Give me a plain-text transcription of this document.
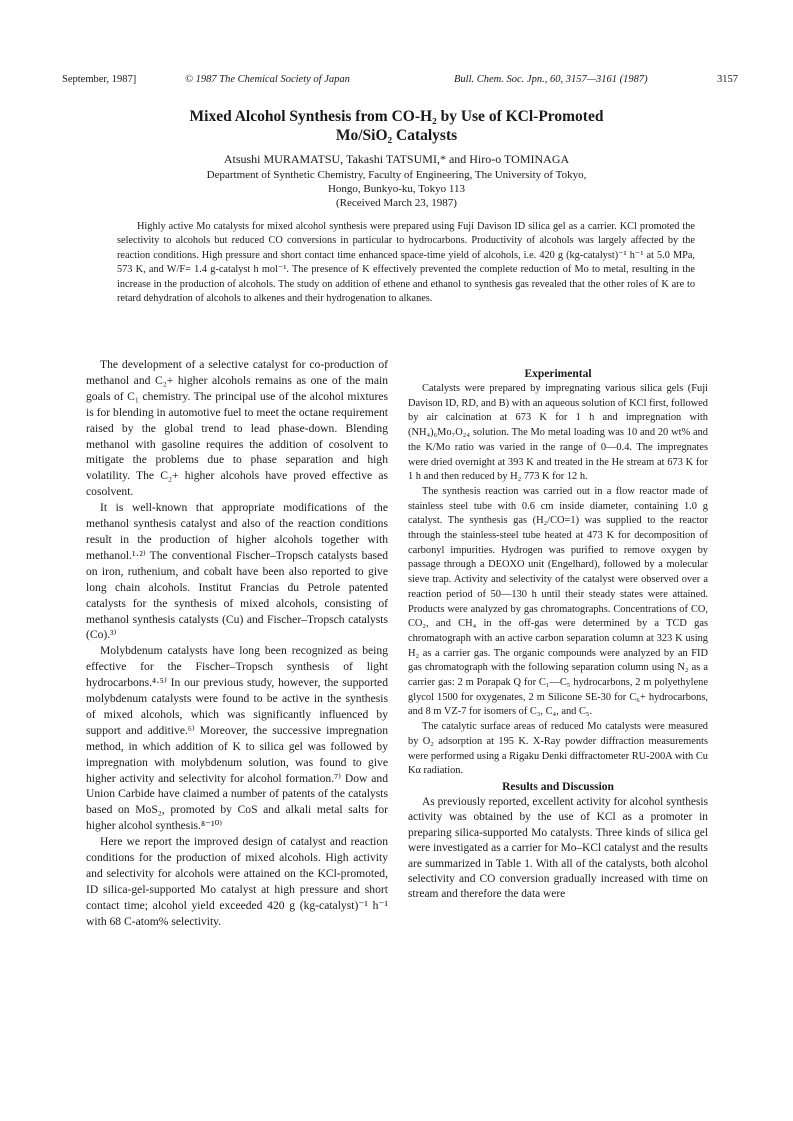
September, 1987]	© 1987 The Chemical Society of Japan	Bull. Chem. Soc. Jpn., 60, 3157—3161 (1987)	3157
Mixed Alcohol Synthesis from CO-H₂ by Use of KCl-Promoted
Mo/SiO₂ Catalysts
Atsushi MURAMATSU, Takashi TATSUMI,* and Hiro-o TOMINAGA
Department of Synthetic Chemistry, Faculty of Engineering, The University of Tokyo,
Hongo, Bunkyo-ku, Tokyo 113
(Received March 23, 1987)

Highly active Mo catalysts for mixed alcohol synthesis were prepared using Fuji Davison ID silica gel as a carrier. KCl promoted the selectivity to alcohols but reduced CO conversions in particular to hydrocarbons. Productivity of alcohols was largely affected by the reaction conditions. High pressure and short contact time enhanced space-time yield of alcohols, i.e. 420 g (kg-catalyst)⁻¹ h⁻¹ at 5.0 MPa, 573 K, and W/F= 1.4 g-catalyst h mol⁻¹. The presence of K effectively prevented the complete reduction of Mo to metal, resulting in the increase in the production of alcohols. The study on addition of ethene and ethanol to synthesis gas revealed that the other roles of K are to retard dehydration of alcohols to alkenes and their hydrogenation to alkanes.

The development of a selective catalyst for co-production of methanol and C₂+ higher alcohols remains as one of the main goals of C₁ chemistry. The principal use of the alcohol mixtures is for blending in automotive fuel to meet the octane requirement raised by the global trend to lead phase-down. Blending methanol with gasoline requires the addition of cosolvent to mitigate the problems due to phase separation and high volatility. The C₂+ higher alcohols have proved effective as cosolvent.

It is well-known that appropriate modifications of the methanol synthesis catalyst and also of the reaction conditions result in the production of higher alcohols together with methanol.¹·²⁾ The conventional Fischer–Tropsch catalysts based on iron, ruthenium, and cobalt have been also reported to give long chain alcohols. Institut Francias du Petrole patented catalysts for the synthesis of mixed alcohols, consisting of methanol synthesis catalysts (Cu) and Fischer–Tropsch catalysts (Co).³⁾

Molybdenum catalysts have long been recognized as being effective for the Fischer–Tropsch synthesis of light hydrocarbons.⁴·⁵⁾ In our previous study, however, the supported molybdenum catalysts were found to be active in the synthesis of mixed alcohols, which was significantly influenced by support and additive.⁶⁾ Moreover, the successive impregnation method, in which addition of K to silica gel was followed by impregnation with molybdenum solution, was found to give higher activity and selectivity for alcohol formation.⁷⁾ Dow and Union Carbide have claimed a number of patents of the catalysts based on MoS₂, promoted by CoS and alkali metal salts for higher alcohol synthesis.⁸⁻¹⁰⁾

Here we report the improved design of catalyst and reaction conditions for the production of mixed alcohols. High activity and selectivity for alcohols were attained on the KCl-promoted, ID silica-gel-supported Mo catalyst at high pressure and short contact time; alcohol yield exceeded 420 g (kg-catalyst)⁻¹ h⁻¹ with 68 C-atom% selectivity.

Experimental

Catalysts were prepared by impregnating various silica gels (Fuji Davison ID, RD, and B) with an aqueous solution of KCl first, followed by air calcination at 673 K for 1 h and impregnation with (NH₄)₆Mo₇O₂₄ solution. The Mo metal loading was 10 and 20 wt% and the K/Mo ratio was varied in the range of 0—0.4. The impregnates were dried overnight at 393 K and treated in the He stream at 673 K for 1 h and then reduced by H₂ 773 K for 12 h.

The synthesis reaction was carried out in a flow reactor made of stainless steel tube with 0.6 cm inside diameter, containing 1.0 g catalyst. The synthesis gas (H₂/CO=1) was supplied to the reactor through the stainless-steel tube heated at 473 K for decomposition of carbonyl impurities. Hydrogen was purified to remove oxygen by passage through a DEOXO unit (Engelhard), followed by a molecular sieve trap. Activity and selectivity of the catalyst were observed over a reaction period of 50—130 h until their steady states were attained. Products were analyzed by gas chromatographs. Concentrations of CO, CO₂, and CH₄ in the off-gas were determined by a TCD gas chromatograph with an active carbon separation column at 323 K using H₂ as a carrier gas. The organic compounds were analyzed by an FID gas chromatograph with the following separation column using N₂ as a carrier gas: 2 m Porapak Q for C₁—C₅ hydrocarbons, 2 m polyethylene glycol 1500 for oxygenates, 2 m Silicone SE-30 for C₆+ hydrocarbons, and 8 m VZ-7 for isomers of C₃, C₄, and C₅.

The catalytic surface areas of reduced Mo catalysts were measured by O₂ adsorption at 195 K. X-Ray powder diffraction measurements were performed using a Rigaku Denki diffractometer RU-200A with Cu Kα radiation.

Results and Discussion

As previously reported, excellent activity for alcohol synthesis activity was obtained by the use of KCl as a promoter in preparing silica-supported Mo catalysts. Three kinds of silica gel were investigated as a carrier for Mo–KCl catalyst and the results are summarized in Table 1. With all of the catalysts, both alcohol selectivity and CO conversion gradually increased with time on stream and therefore the data were
